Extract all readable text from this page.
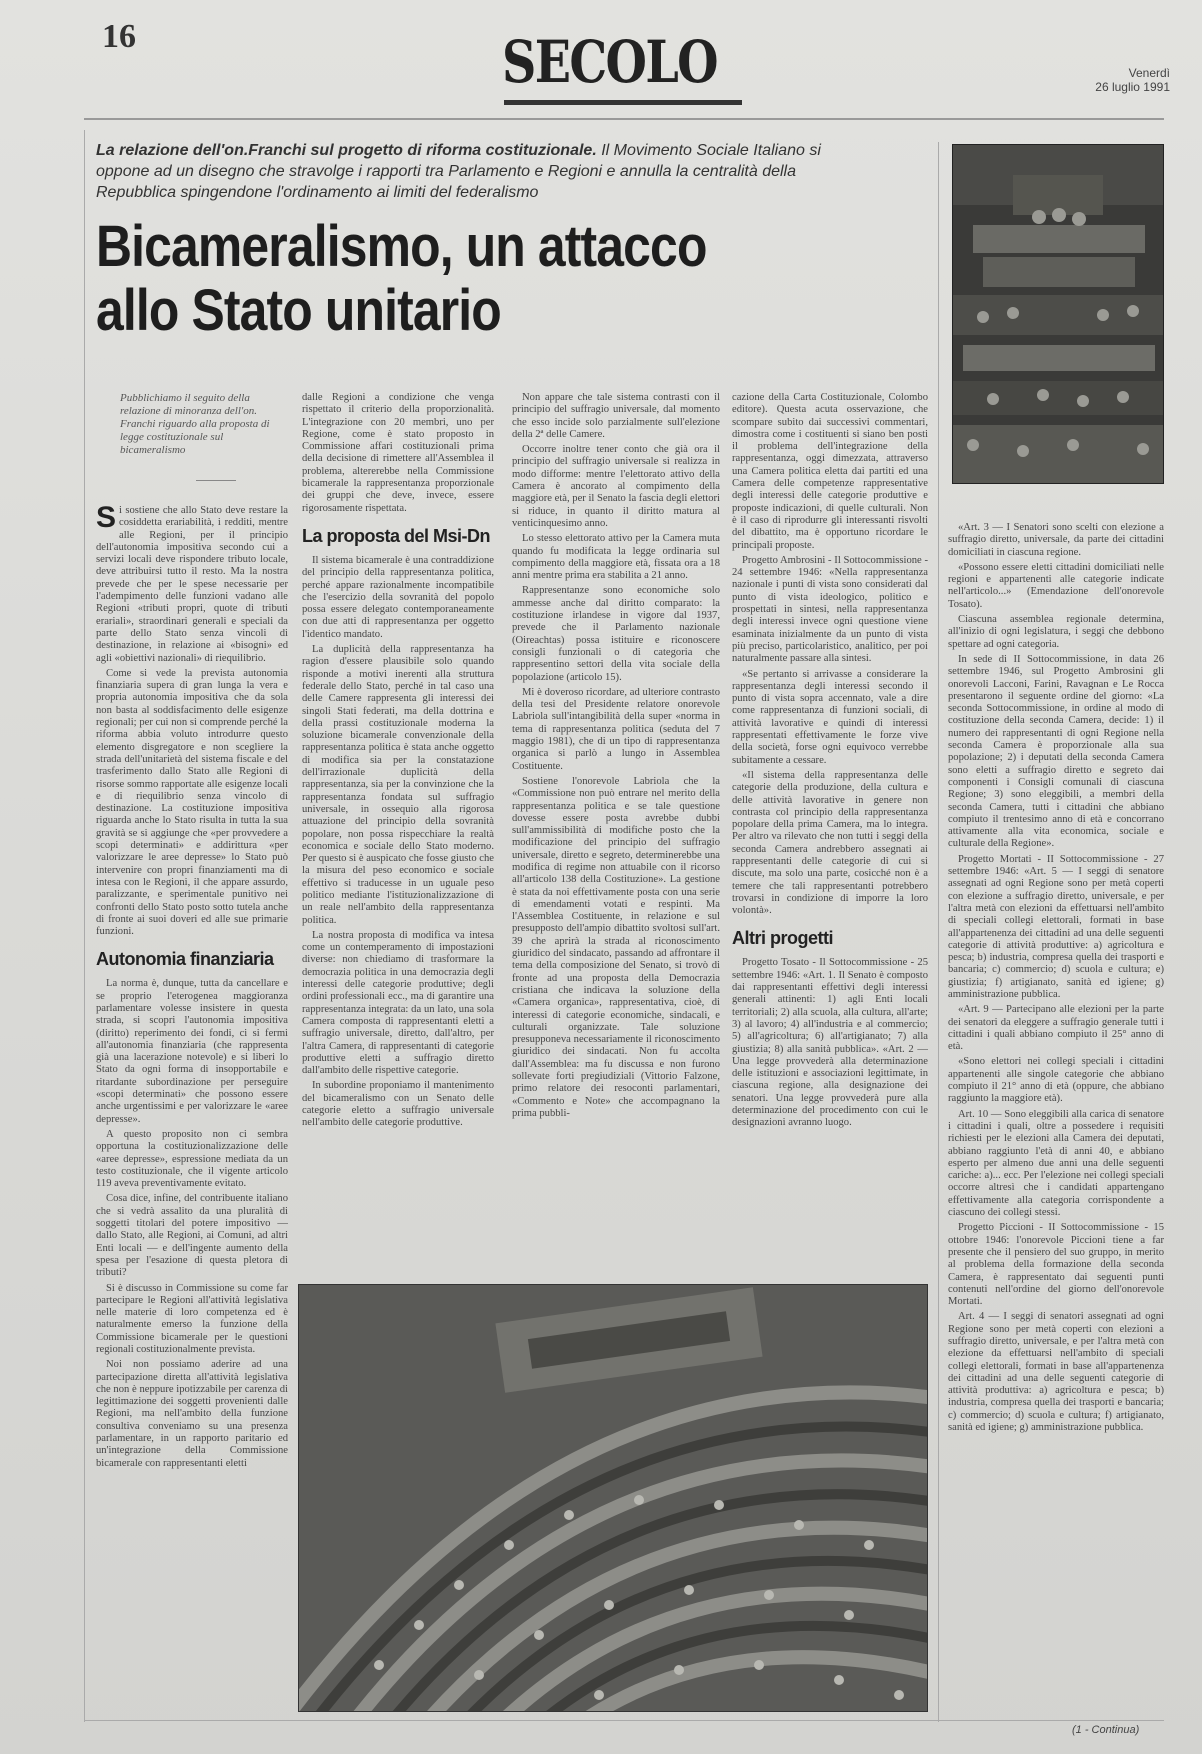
16	SECOLO	Venerdì
26 luglio 1991
La relazione dell'on.Franchi sul progetto di riforma costituzionale. Il Movimento Sociale Italiano si oppone ad un disegno che stravolge i rapporti tra Parlamento e Regioni e annulla la centralità della Repubblica spingendone l'ordinamento ai limiti del federalismo
Bicameralismo, un attacco
allo Stato unitario
Pubblichiamo il seguito della relazione di minoranza dell'on. Franchi riguardo alla proposta di legge costituzionale sul bicameralismo

Si sostiene che allo Stato deve restare la cosiddetta erariabilità, i redditi, mentre alle Regioni, per il principio dell'autonomia impositiva secondo cui a servizi locali deve rispondere tributo locale, deve attribuirsi tutto il resto. Ma la nostra prevede che per le spese necessarie per l'adempimento delle funzioni vadano alle Regioni «tributi propri, quote di tributi erariali», straordinari generali e speciali da parte dello Stato senza vincoli di destinazione, in relazione ai «bisogni» ed agli «obiettivi nazionali» di riequilibrio.

Come si vede la prevista autonomia finanziaria supera di gran lunga la vera e propria autonomia impositiva che da sola non basta al soddisfacimento delle esigenze regionali; per cui non si comprende perché la riforma abbia voluto introdurre questo elemento disgregatore e non scegliere la strada dell'unitarietà del sistema fiscale e del trasferimento dallo Stato alle Regioni di risorse sommo rapportate alle esigenze locali e di riequilibrio senza vincolo di destinazione. La costituzione impositiva riguarda anche lo Stato risulta in tutta la sua gravità se si aggiunge che «per provvedere a scopi determinati» e addirittura «per valorizzare le aree depresse» lo Stato può intervenire con propri finanziamenti ma di intesa con le Regioni, il che appare assurdo, paralizzante, e sperimentale punitivo nei confronti dello Stato posto sotto tutela anche di fronte ai suoi doveri ed alle sue primarie funzioni.

Autonomia finanziaria

La norma è, dunque, tutta da cancellare e se proprio l'eterogenea maggioranza parlamentare volesse insistere in questa strada, si scopri l'autonomia impositiva (diritto) reperimento dei fondi, ci si fermi all'autonomia finanziaria (che rappresenta già una lacerazione notevole) e si liberi lo Stato da ogni forma di insopportabile e ritardante subordinazione per perseguire «scopi determinati» che possono essere anche urgentissimi e per valorizzare le «aree depresse».

A questo proposito non ci sembra opportuna la costituzionalizzazione delle «aree depresse», espressione mediata da un testo costituzionale, che il vigente articolo 119 aveva preventivamente evitato.

Cosa dice, infine, del contribuente italiano che si vedrà assalito da una pluralità di soggetti titolari del potere impositivo — dallo Stato, alle Regioni, ai Comuni, ad altri Enti locali — e dell'ingente aumento della spesa per l'esazione di questa pletora di tributi?

Si è discusso in Commissione su come far partecipare le Regioni all'attività legislativa nelle materie di loro competenza ed è naturalmente emerso la funzione della Commissione bicamerale per le questioni regionali costituzionalmente prevista.

Noi non possiamo aderire ad una partecipazione diretta all'attività legislativa che non è neppure ipotizzabile per carenza di legittimazione dei soggetti provenienti dalle Regioni, ma nell'ambito della funzione consultiva conveniamo su una presenza parlamentare, in un rapporto paritario ed un'integrazione della Commissione bicamerale con rappresentanti eletti

dalle Regioni a condizione che venga rispettato il criterio della proporzionalità. L'integrazione con 20 membri, uno per Regione, come è stato proposto in Commissione affari costituzionali prima della decisione di rimettere all'Assemblea il problema, altererebbe nella Commissione bicamerale la rappresentanza proporzionale dei gruppi che deve, invece, essere rigorosamente rispettata.

La proposta del Msi-Dn

Il sistema bicamerale è una contraddizione del principio della rappresentanza politica, perché appare razionalmente incompatibile che l'esercizio della sovranità del popolo possa essere delegato contemporaneamente con due atti di rappresentanza per oggetto l'identico mandato.

La duplicità della rappresentanza ha ragion d'essere plausibile solo quando risponde a motivi inerenti alla struttura federale dello Stato, perché in tal caso una delle Camere rappresenta gli interessi dei singoli Stati federati, ma della dottrina e della prassi costituzionale moderna la soluzione bicamerale convenzionale della rappresentanza politica è stata anche oggetto di modifica sia per la constatazione dell'irrazionale duplicità della rappresentanza, sia per la convinzione che la rappresentanza fondata sul suffragio universale, in ossequio alla rigorosa attuazione del principio della sovranità popolare, non possa rispecchiare la realtà economica e sociale dello Stato moderno. Per questo si è auspicato che fosse giusto che la misura del peso economico e sociale effettivo si traducesse in un uguale peso politico mediante l'istituzionalizzazione di un reale nell'ambito della rappresentanza politica.

La nostra proposta di modifica va intesa come un contemperamento di impostazioni diverse: non chiediamo di trasformare la democrazia politica in una democrazia degli interessi delle categorie produttive; degli ordini professionali ecc., ma di garantire una rappresentanza integrata: da un lato, una sola Camera composta di rappresentanti eletti a suffragio universale, diretto, dall'altro, per l'altra Camera, di rappresentanti di categorie produttive eletti a suffragio diretto dall'ambito delle rispettive categorie.

In subordine proponiamo il mantenimento del bicameralismo con un Senato delle categorie eletto a suffragio universale nell'ambito delle categorie produttive.

Non appare che tale sistema contrasti con il principio del suffragio universale, dal momento che esso incide solo parzialmente sull'elezione della 2ª delle Camere.

Occorre inoltre tener conto che già ora il principio del suffragio universale si realizza in modo difforme: mentre l'elettorato attivo della Camera è ancorato al compimento della maggiore età, per il Senato la fascia degli elettori si riduce, in quanto il diritto matura al venticinquesimo anno.

Lo stesso elettorato attivo per la Camera muta quando fu modificata la legge ordinaria sul compimento della maggiore età, fissata ora a 18 anni mentre prima era stabilita a 21 anno.

Rappresentanze sono economiche solo ammesse anche dal diritto comparato: la costituzione irlandese in vigore dal 1937, prevede che il Parlamento nazionale (Oireachtas) possa istituire e riconoscere consigli funzionali o di categoria che rappresentino settori della vita sociale della popolazione (articolo 15).

Mi è doveroso ricordare, ad ulteriore contrasto della tesi del Presidente relatore onorevole Labriola sull'intangibilità della super «norma in tema di rappresentanza politica (seduta del 7 maggio 1981), che di un tipo di rappresentanza organica si parlò a lungo in Assemblea Costituente.

Sostiene l'onorevole Labriola che la «Commissione non può entrare nel merito della rappresentanza politica e se tale questione dovesse essere posta avrebbe dubbi sull'ammissibilità di modifiche posto che la modificazione del principio del suffragio universale, diretto e segreto, determinerebbe una modifica di regime non attuabile con il ricorso all'articolo 138 della Costituzione». La gestione è stata da noi effettivamente posta con una serie di emendamenti votati e respinti. Ma l'Assemblea Costituente, in relazione e sul presupposto dell'ampio dibattito svoltosi sull'art. 39 che aprirà la strada al riconoscimento giuridico del sindacato, passando ad affrontare il tema della composizione del Senato, si trovò di fronte ad una proposta della Democrazia cristiana che indicava la soluzione della «Camera organica», rappresentativa, cioè, di interessi di categorie economiche, sindacali, e culturali organizzate. Tale soluzione presupponeva necessariamente il riconoscimento giuridico dei sindacati. Non fu accolta dall'Assemblea: ma fu discussa e non furono sollevate forti pregiudiziali (Vittorio Falzone, primo relatore dei resoconti parlamentari, «Commento e Note» che accompagnano la prima pubbli-

cazione della Carta Costituzionale, Colombo editore). Questa acuta osservazione, che scompare subito dai successivi commentari, dimostra come i costituenti si siano ben posti il problema dell'integrazione della rappresentanza, oggi dimezzata, attraverso una Camera politica eletta dai partiti ed una Camera delle competenze rappresentative degli interessi delle categorie produttive e proposte indicazioni, di quelle culturali. Non è il caso di riprodurre gli interessanti risvolti del dibattito, ma è opportuno ricordare le principali proposte.

Progetto Ambrosini - Il Sottocommissione - 24 settembre 1946: «Nella rappresentanza nazionale i punti di vista sono considerati dal punto di vista ideologico, politico e prospettati in sintesi, nella rappresentanza degli interessi invece ogni questione viene esaminata inizialmente da un punto di vista più preciso, particolaristico, analitico, per poi naturalmente passare alla sintesi.

«Se pertanto si arrivasse a considerare la rappresentanza degli interessi secondo il punto di vista sopra accennato, vale a dire come rappresentanza di funzioni sociali, di attività lavorative e quindi di interessi rappresentati effettivamente le forze vive della società, forse ogni equivoco verrebbe subitamente a cessare.

«Il sistema della rappresentanza delle categorie della produzione, della cultura e delle attività lavorative in genere non contrasta col principio della rappresentanza popolare della prima Camera, ma lo integra. Per altro va rilevato che non tutti i seggi della seconda Camera andrebbero assegnati ai rappresentanti delle categorie di cui si discute, ma solo una parte, cosicché non è a temere che tali rappresentanti potrebbero trovarsi in condizione di imporre la loro volontà».

Altri progetti

Progetto Tosato - Il Sottocommissione - 25 settembre 1946: «Art. 1. Il Senato è composto dai rappresentanti effettivi degli interessi generali attinenti: 1) agli Enti locali territoriali; 2) alla scuola, alla cultura, all'arte; 3) al lavoro; 4) all'industria e al commercio; 5) all'agricoltura; 6) all'artigianato; 7) alla giustizia; 8) alla sanità pubblica». «Art. 2 — Una legge provvederà alla determinazione delle istituzioni e associazioni legittimate, in ciascuna regione, alla designazione dei senatori. Una legge provvederà pure alla determinazione del procedimento con cui le designazioni avranno luogo.

«Art. 3 — I Senatori sono scelti con elezione a suffragio diretto, universale, da parte dei cittadini domiciliati in ciascuna regione.

«Possono essere eletti cittadini domiciliati nelle regioni e appartenenti alle categorie indicate nell'articolo...» (Emendazione dell'onorevole Tosato).

Ciascuna assemblea regionale determina, all'inizio di ogni legislatura, i seggi che debbono spettare ad ogni categoria.

In sede di II Sottocommissione, in data 26 settembre 1946, sul Progetto Ambrosini gli onorevoli Lacconi, Farini, Ravagnan e Le Rocca presentarono il seguente ordine del giorno: «La seconda Sottocommissione, in ordine al modo di costituzione della seconda Camera, decide: 1) il numero dei rappresentanti di ogni Regione nella seconda Camera è proporzionale alla sua popolazione; 2) i deputati della seconda Camera sono eletti a suffragio diretto e segreto dai componenti i Consigli comunali di ciascuna Regione; 3) sono eleggibili, a membri della seconda Camera, tutti i cittadini che abbiano compiuto il trentesimo anno di età e concorrano attivamente alla vita economica, sociale e culturale della Regione».

Progetto Mortati - II Sottocommissione - 27 settembre 1946: «Art. 5 — I seggi di senatore assegnati ad ogni Regione sono per metà coperti con elezione a suffragio diretto, universale, e per l'altra metà con elezioni da effettuarsi nell'ambito di speciali collegi elettorali, formati in base all'appartenenza dei cittadini ad una delle seguenti categorie di attività produttive: a) agricoltura e pesca; b) industria, compresa quella dei trasporti e bancaria; c) commercio; d) scuola e cultura; e) giustizia; f) artigianato, sanità ed igiene; g) amministrazione pubblica.

«Art. 9 — Partecipano alle elezioni per la parte dei senatori da eleggere a suffragio generale tutti i cittadini i quali abbiano compiuto il 25° anno di età.

«Sono elettori nei collegi speciali i cittadini appartenenti alle singole categorie che abbiano compiuto il 21° anno di età (oppure, che abbiano raggiunto la maggiore età).

Art. 10 — Sono eleggibili alla carica di senatore i cittadini i quali, oltre a possedere i requisiti richiesti per le elezioni alla Camera dei deputati, abbiano raggiunto l'età di anni 40, e abbiano esperto per almeno due anni una delle seguenti cariche: a)... ecc. Per l'elezione nei collegi speciali occorre altresì che i candidati appartengano effettivamente alla categoria corrispondente a ciascuno dei collegi stessi.

Progetto Piccioni - II Sottocommissione - 15 ottobre 1946: l'onorevole Piccioni tiene a far presente che il pensiero del suo gruppo, in merito al problema della formazione della seconda Camera, è rappresentato dai seguenti punti contenuti nell'ordine del giorno dell'onorevole Mortati.

Art. 4 — I seggi di senatori assegnati ad ogni Regione sono per metà coperti con elezioni a suffragio diretto, universale, e per l'altra metà con elezione da effettuarsi nell'ambito di speciali collegi elettorali, formati in base all'appartenenza dei cittadini ad una delle seguenti categorie di attività produttiva: a) agricoltura e pesca; b) industria, compresa quella dei trasporti e bancaria; c) commercio; d) scuola e cultura; f) artigianato, sanità ed igiene; g) amministrazione pubblica.

(1 - Continua)
